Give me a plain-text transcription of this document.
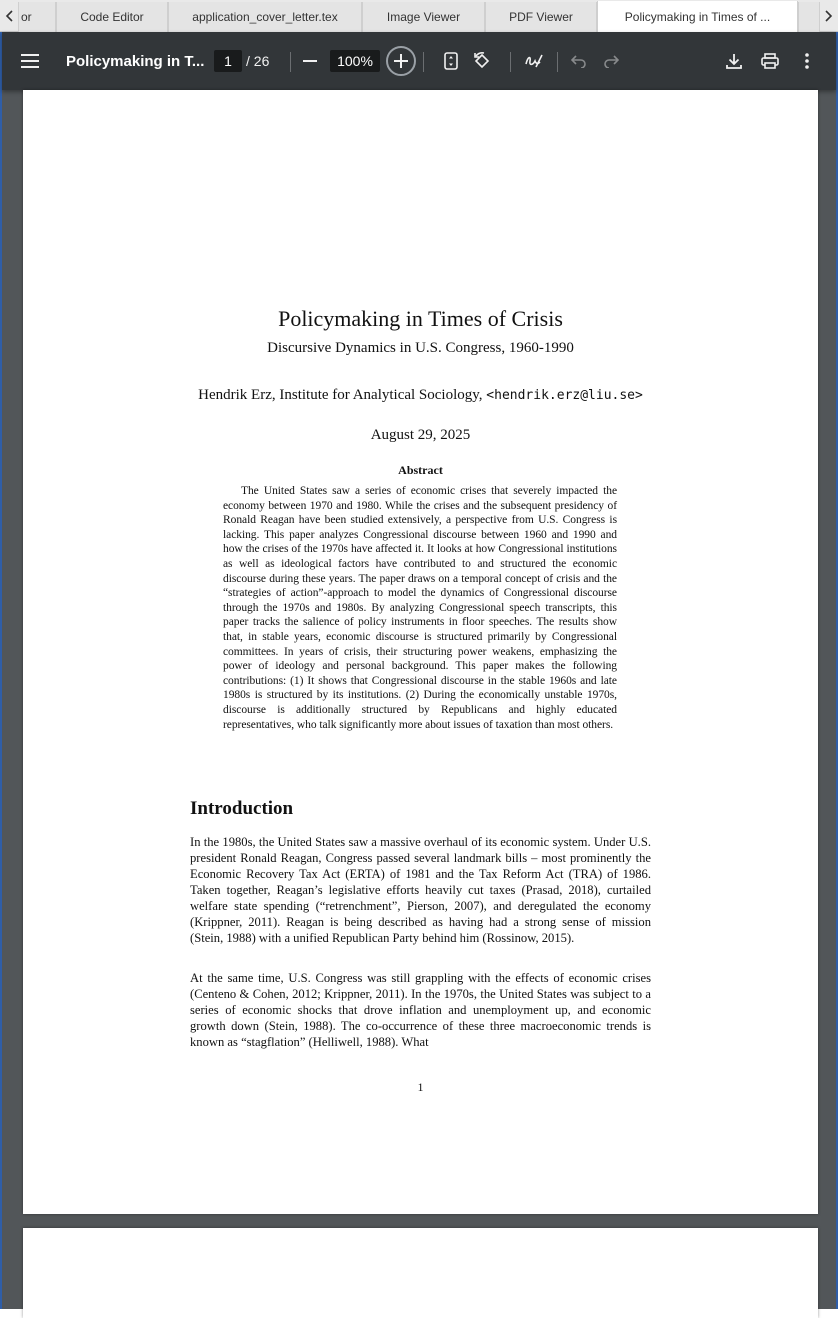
or	Code Editor	application_cover_letter.tex	Image Viewer	PDF Viewer	Policymaking in Times of ...
Policymaking in T...	1	/ 26	100%
Policymaking in Times of Crisis
Discursive Dynamics in U.S. Congress, 1960-1990
Hendrik Erz, Institute for Analytical Sociology, <hendrik.erz@liu.se>
August 29, 2025
Abstract

The United States saw a series of economic crises that severely impacted the economy between 1970 and 1980. While the crises and the subsequent presidency of Ronald Reagan have been studied extensively, a perspective from U.S. Congress is lacking. This paper analyzes Congressional discourse between 1960 and 1990 and how the crises of the 1970s have affected it. It looks at how Congressional institutions as well as ideological factors have contributed to and structured the economic discourse during these years. The paper draws on a temporal concept of crisis and the “strategies of action”-approach to model the dynamics of Congressional discourse through the 1970s and 1980s. By analyzing Congressional speech transcripts, this paper tracks the salience of policy instruments in floor speeches. The results show that, in stable years, economic discourse is structured primarily by Congressional committees. In years of crisis, their structuring power weakens, emphasizing the power of ideology and personal background. This paper makes the following contributions: (1) It shows that Congressional discourse in the stable 1960s and late 1980s is structured by its institutions. (2) During the economically unstable 1970s, discourse is additionally structured by Republicans and highly educated representatives, who talk significantly more about issues of taxation than most others.

Introduction

In the 1980s, the United States saw a massive overhaul of its economic system. Under U.S. president Ronald Reagan, Congress passed several landmark bills – most prominently the Economic Recovery Tax Act (ERTA) of 1981 and the Tax Reform Act (TRA) of 1986. Taken together, Reagan’s legislative efforts heavily cut taxes (Prasad, 2018), curtailed welfare state spending (“retrenchment”, Pierson, 2007), and deregulated the economy (Krippner, 2011). Reagan is being described as having had a strong sense of mission (Stein, 1988) with a unified Republican Party behind him (Rossinow, 2015).

At the same time, U.S. Congress was still grappling with the effects of economic crises (Centeno & Cohen, 2012; Krippner, 2011). In the 1970s, the United States was subject to a series of economic shocks that drove inflation and unemployment up, and economic growth down (Stein, 1988). The co-occurrence of these three macroeconomic trends is known as “stagflation” (Helliwell, 1988). What

1
